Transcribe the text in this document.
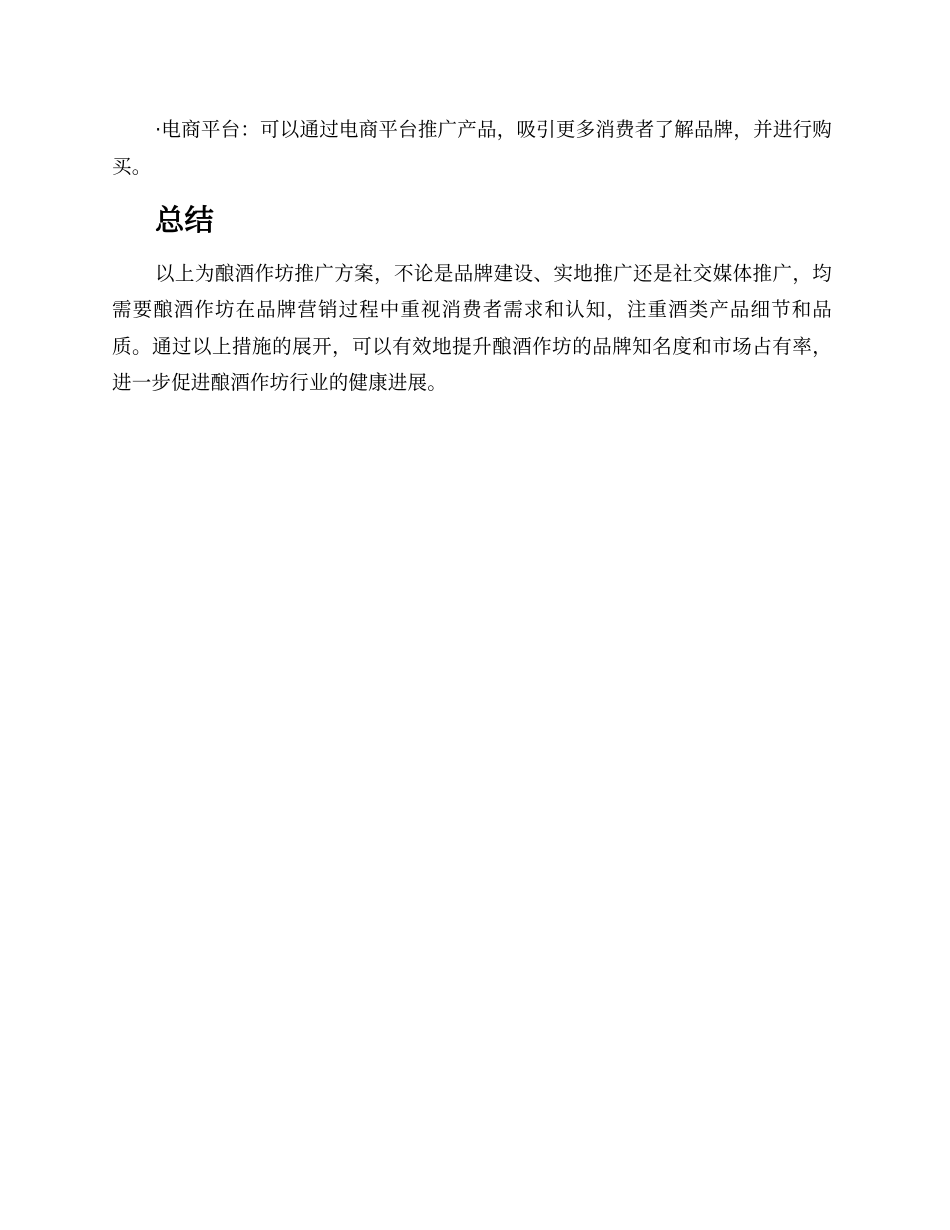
·电商平台：可以通过电商平台推广产品，吸引更多消费者了解品牌，并进行购买。

总结

以上为酿酒作坊推广方案，不论是品牌建设、实地推广还是社交媒体推广，均需要酿酒作坊在品牌营销过程中重视消费者需求和认知，注重酒类产品细节和品质。通过以上措施的展开，可以有效地提升酿酒作坊的品牌知名度和市场占有率，进一步促进酿酒作坊行业的健康进展。
